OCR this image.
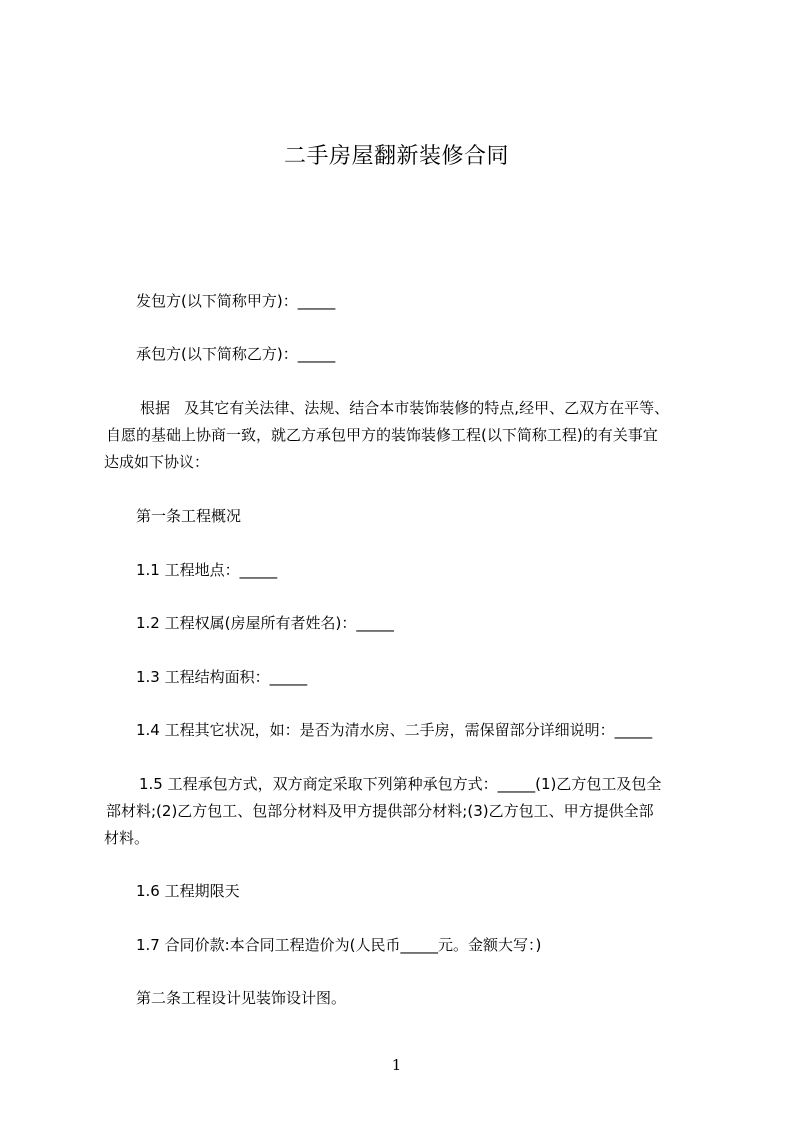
二手房屋翻新装修合同
发包方(以下简称甲方)：_____
承包方(以下简称乙方)：_____
根据   及其它有关法律、法规、结合本市装饰装修的特点,经甲、乙双方在平等、
自愿的基础上协商一致，就乙方承包甲方的装饰装修工程(以下简称工程)的有关事宜
达成如下协议：
第一条工程概况
1.1 工程地点：_____
1.2 工程权属(房屋所有者姓名)：_____
1.3 工程结构面积：_____
1.4 工程其它状况，如：是否为清水房、二手房，需保留部分详细说明：_____
1.5 工程承包方式，双方商定采取下列第种承包方式：_____(1)乙方包工及包全
部材料;(2)乙方包工、包部分材料及甲方提供部分材料;(3)乙方包工、甲方提供全部
材料。
1.6 工程期限天
1.7 合同价款:本合同工程造价为(人民币_____元。金额大写：)
第二条工程设计见装饰设计图。
1
